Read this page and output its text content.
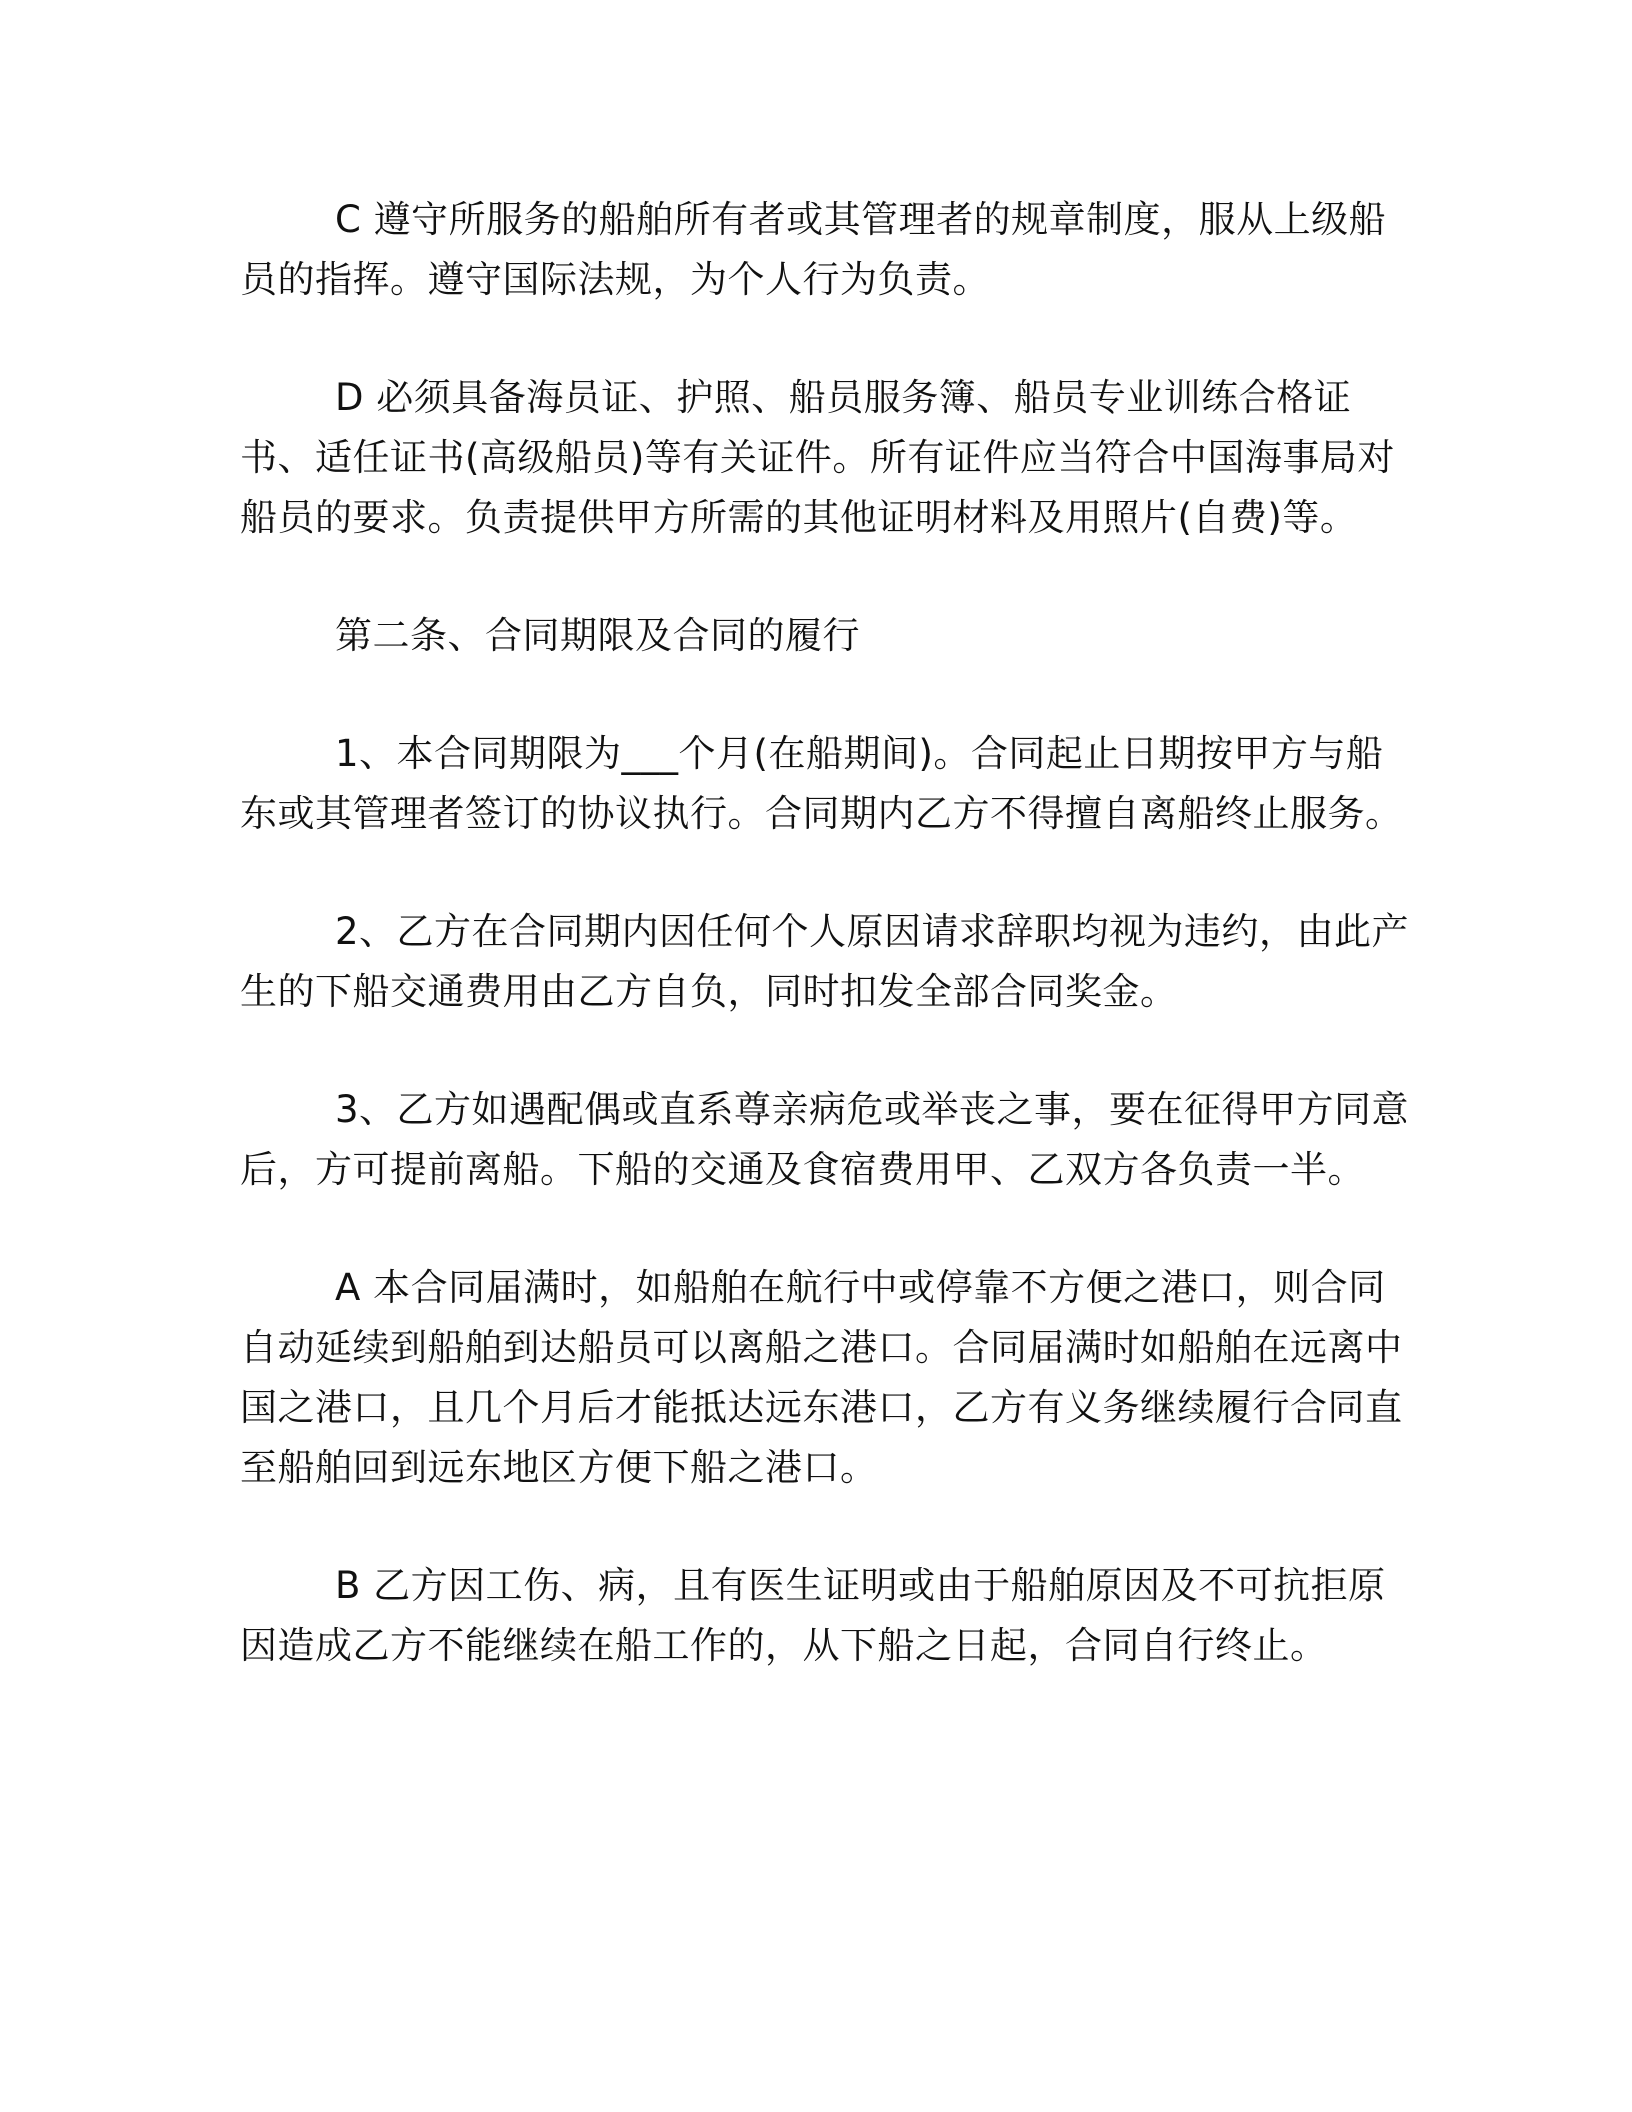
C 遵守所服务的船舶所有者或其管理者的规章制度，服从上级船员的指挥。遵守国际法规，为个人行为负责。

D 必须具备海员证、护照、船员服务簿、船员专业训练合格证书、适任证书(高级船员)等有关证件。所有证件应当符合中国海事局对船员的要求。负责提供甲方所需的其他证明材料及用照片(自费)等。

第二条、合同期限及合同的履行

1、本合同期限为___个月(在船期间)。合同起止日期按甲方与船东或其管理者签订的协议执行。合同期内乙方不得擅自离船终止服务。

2、乙方在合同期内因任何个人原因请求辞职均视为违约，由此产生的下船交通费用由乙方自负，同时扣发全部合同奖金。

3、乙方如遇配偶或直系尊亲病危或举丧之事，要在征得甲方同意后，方可提前离船。下船的交通及食宿费用甲、乙双方各负责一半。

A 本合同届满时，如船舶在航行中或停靠不方便之港口，则合同自动延续到船舶到达船员可以离船之港口。合同届满时如船舶在远离中国之港口，且几个月后才能抵达远东港口，乙方有义务继续履行合同直至船舶回到远东地区方便下船之港口。

B 乙方因工伤、病，且有医生证明或由于船舶原因及不可抗拒原因造成乙方不能继续在船工作的，从下船之日起，合同自行终止。
